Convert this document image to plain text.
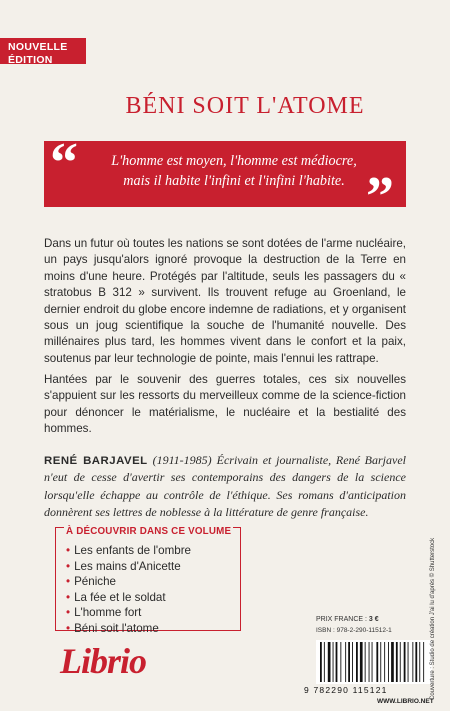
NOUVELLE
ÉDITION
BÉNI SOIT L'ATOME
“	L'homme est moyen, l'homme est médiocre,
mais il habite l'infini et l'infini l'habite. ”
Dans un futur où toutes les nations se sont dotées de l'arme nucléaire, un pays jusqu'alors ignoré provoque la destruction de la Terre en moins d'une heure. Protégés par l'altitude, seuls les passagers du « stratobus B 312 » survivent. Ils trouvent refuge au Groenland, le dernier endroit du globe encore indemne de radiations, et y organisent sous un joug scientifique la souche de l'humanité nouvelle. Des millénaires plus tard, les hommes vivent dans le confort et la paix, soutenus par leur technologie de pointe, mais l'ennui les rattrape.
Hantées par le souvenir des guerres totales, ces six nouvelles s'appuient sur les ressorts du merveilleux comme de la science-fiction pour dénoncer le matérialisme, le nucléaire et la bestialité des hommes.
RENÉ BARJAVEL (1911-1985) Écrivain et journaliste, René Barjavel n'eut de cesse d'avertir ses contemporains des dangers de la science lorsqu'elle échappe au contrôle de l'éthique. Ses romans d'anticipation donnèrent ses lettres de noblesse à la littérature de genre française.
À DÉCOUVRIR DANS CE VOLUME
• Les enfants de l'ombre
• Les mains d'Anicette
• Péniche
• La fée et le soldat
• L'homme fort
• Béni soit l'atome
Librio
PRIX FRANCE : 3 €
ISBN : 978-2-290-11512-1
9 782290 115121
WWW.LIBRIO.NET
Couverture : Studio de création J'ai lu d'après © Shutterstock
